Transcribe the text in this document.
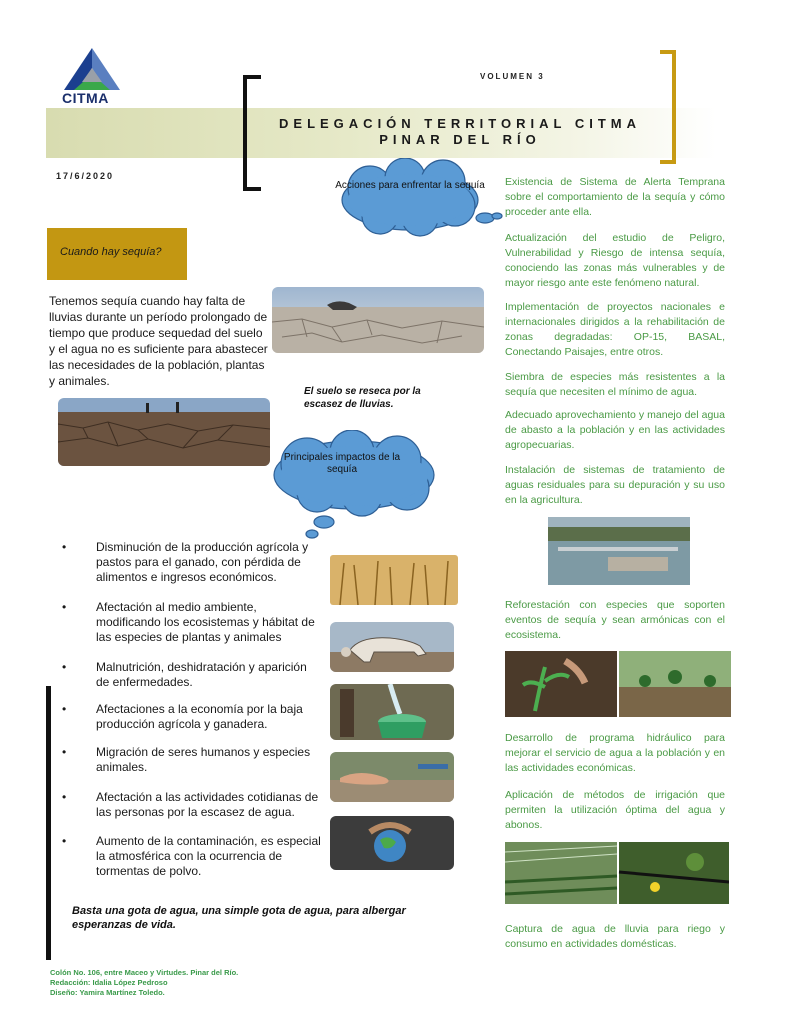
CITMA
VOLUMEN 3
DELEGACIÓN TERRITORIAL CITMA
PINAR DEL RÍO
17/6/2020
Acciones para enfrentar la sequía
Cuando hay sequía?
Tenemos sequía cuando hay falta de lluvias durante un período prolongado de tiempo que produce sequedad del suelo y el agua no es suficiente para abastecer las necesidades de la población, plantas y animales.
El suelo se reseca por la escasez de lluvias.
Principales impactos de la sequía
• Disminución de la producción agrícola y pastos para el ganado, con pérdida de alimentos e ingresos económicos.
• Afectación al medio ambiente, modificando los ecosistemas y hábitat de las especies de plantas y animales
• Malnutrición, deshidratación y aparición de enfermedades.
• Afectaciones a la economía por la baja producción agrícola y ganadera.
• Migración de seres humanos y especies animales.
• Afectación a las actividades cotidianas de las personas por la escasez de agua.
• Aumento de la contaminación, es especial la atmosférica con la ocurrencia de tormentas de polvo.
Basta una gota de agua, una simple gota de agua, para albergar esperanzas de vida.
Colón No. 106, entre Maceo y Virtudes. Pinar del Río.
Redacción: Idalia López Pedroso
Diseño: Yamira Martínez Toledo.

Existencia de Sistema de Alerta Temprana sobre el comportamiento de la sequía y cómo proceder ante ella.

Actualización del estudio de Peligro, Vulnerabilidad y Riesgo de intensa sequía, conociendo las zonas más vulnerables y de mayor riesgo ante este fenómeno natural.

Implementación de proyectos nacionales e internacionales dirigidos a la rehabilitación de zonas degradadas: OP-15, BASAL, Conectando Paisajes, entre otros.

Siembra de especies más resistentes a la sequía que necesiten el mínimo de agua.

Adecuado aprovechamiento y manejo del agua de abasto a la población y en las actividades agropecuarias.

Instalación de sistemas de tratamiento de aguas residuales para su depuración y su uso en la agricultura.

Reforestación con especies que soporten eventos de sequía y sean armónicas con el ecosistema.

Desarrollo de programa hidráulico para mejorar el servicio de agua a la población y en las actividades económicas.

Aplicación de métodos de irrigación que permiten la utilización óptima del agua y abonos.

Captura de agua de lluvia para riego y consumo en actividades domésticas.
